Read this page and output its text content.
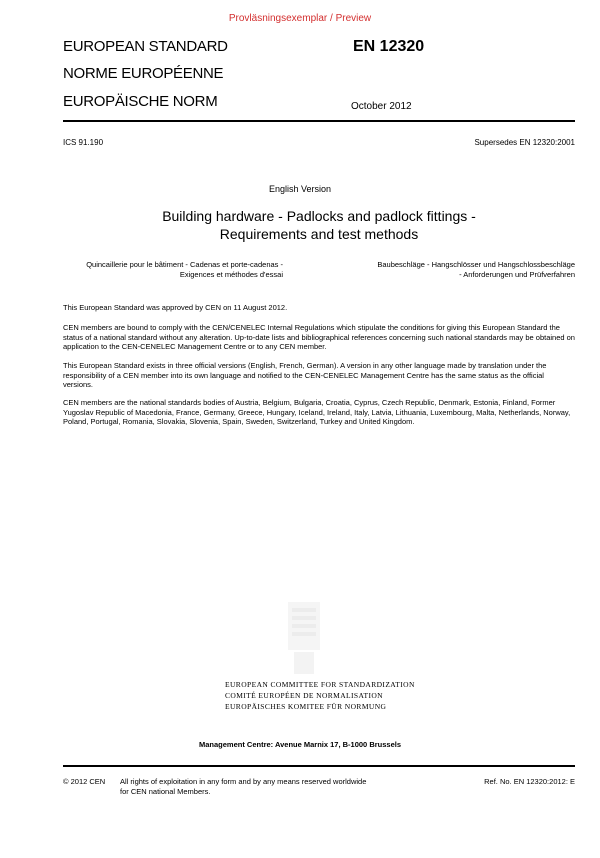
Provläsningsexemplar / Preview
EUROPEAN STANDARD
NORME EUROPÉENNE
EUROPÄISCHE NORM
EN 12320
October 2012
ICS 91.190	Supersedes EN 12320:2001
English Version
Building hardware - Padlocks and padlock fittings -
Requirements and test methods
Quincaillerie pour le bâtiment - Cadenas et porte-cadenas -
Exigences et méthodes d'essai
Baubeschläge - Hangschlösser und Hangschlossbeschläge
- Anforderungen und Prüfverfahren
This European Standard was approved by CEN on 11 August 2012.
CEN members are bound to comply with the CEN/CENELEC Internal Regulations which stipulate the conditions for giving this European Standard the status of a national standard without any alteration. Up-to-date lists and bibliographical references concerning such national standards may be obtained on application to the CEN-CENELEC Management Centre or to any CEN member.
This European Standard exists in three official versions (English, French, German). A version in any other language made by translation under the responsibility of a CEN member into its own language and notified to the CEN-CENELEC Management Centre has the same status as the official versions.
CEN members are the national standards bodies of Austria, Belgium, Bulgaria, Croatia, Cyprus, Czech Republic, Denmark, Estonia, Finland, Former Yugoslav Republic of Macedonia, France, Germany, Greece, Hungary, Iceland, Ireland, Italy, Latvia, Lithuania, Luxembourg, Malta, Netherlands, Norway, Poland, Portugal, Romania, Slovakia, Slovenia, Spain, Sweden, Switzerland, Turkey and United Kingdom.
EUROPEAN COMMITTEE FOR STANDARDIZATION
COMITÉ EUROPÉEN DE NORMALISATION
EUROPÄISCHES KOMITEE FÜR NORMUNG
Management Centre: Avenue Marnix 17, B-1000 Brussels
© 2012 CEN All rights of exploitation in any form and by any means reserved worldwide for CEN national Members.
Ref. No. EN 12320:2012: E
